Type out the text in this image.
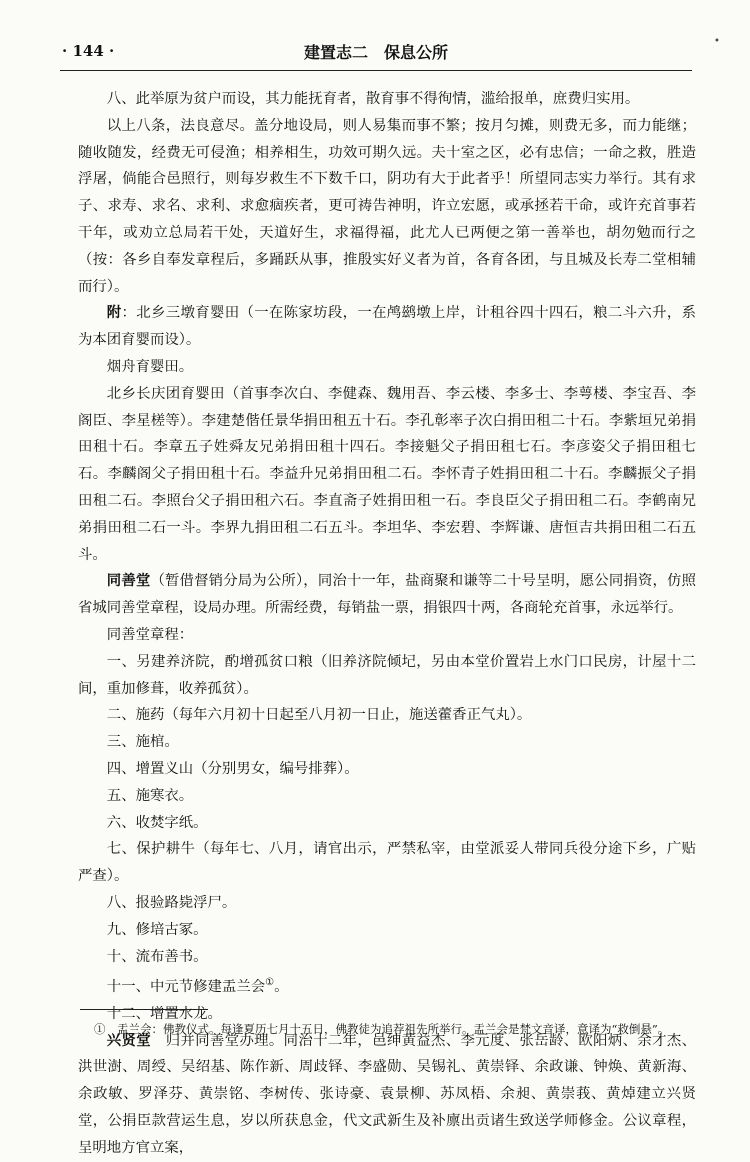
· 144 ·	建置志二　保息公所
•

八、此举原为贫户而设，其力能抚育者，散育事不得徇情，滥给报单，庶费归实用。

以上八条，法良意尽。盖分地设局，则人易集而事不繁；按月匀摊，则费无多，而力能继；随收随发，经费无可侵渔；相养相生，功效可期久远。夫十室之区，必有忠信；一命之救，胜造浮屠，倘能合邑照行，则每岁救生不下数千口，阴功有大于此者乎！所望同志实力举行。其有求子、求寿、求名、求利、求愈痼疾者，更可祷告神明，许立宏愿，或承拯若干命，或许充首事若干年，或劝立总局若干处，天道好生，求福得福，此尤人已两便之第一善举也，胡勿勉而行之（按：各乡自奉发章程后，多踊跃从事，推殷实好义者为首，各育各团，与且城及长寿二堂相辅而行）。

附：北乡三墩育婴田（一在陈家坊段，一在鸬鹚墩上岸，计租谷四十四石，粮二斗六升，系为本团育婴而设）。

烟舟育婴田。

北乡长庆团育婴田（首事李次白、李健森、魏用吾、李云楼、李多士、李萼楼、李宝吾、李阁臣、李星槎等）。李建楚偕任景华捐田租五十石。李孔彰率子次白捐田租二十石。李紫垣兄弟捐田租十石。李章五子姓舜友兄弟捐田租十四石。李接魁父子捐田租七石。李彦姿父子捐田租七石。李麟阁父子捐田租十石。李益升兄弟捐田租二石。李怀青子姓捐田租二十石。李麟振父子捐田租二石。李照台父子捐田租六石。李直斋子姓捐田租一石。李良臣父子捐田租二石。李鹤南兄弟捐田租二石一斗。李界九捐田租二石五斗。李坦华、李宏碧、李辉谦、唐恒吉共捐田租二石五斗。

同善堂（暂借督销分局为公所），同治十一年，盐商聚和谦等二十号呈明，愿公同捐资，仿照省城同善堂章程，设局办理。所需经费，每销盐一票，捐银四十两，各商轮充首事，永远举行。

同善堂章程：

一、另建养济院，酌增孤贫口粮（旧养济院倾圮，另由本堂价置岩上水门口民房，计屋十二间，重加修葺，收养孤贫）。

二、施药（每年六月初十日起至八月初一日止，施送藿香正气丸）。

三、施棺。

四、增置义山（分别男女，编号排葬）。

五、施寒衣。

六、收焚字纸。

七、保护耕牛（每年七、八月，请官出示，严禁私宰，由堂派妥人带同兵役分途下乡，广贴严查）。

八、报验路毙浮尸。

九、修培古冢。

十、流布善书。

十一、中元节修建盂兰会①。

十二、增置水龙。

兴贤堂　归并同善堂办理。同治十二年，邑绅黄益杰、李元度、张岳龄、欧阳炳、余才杰、洪世澍、周绶、吴绍基、陈作新、周歧铎、李盛勋、吴锡礼、黄崇铎、余政谦、钟焕、黄新海、余政敏、罗泽芬、黄崇铭、李树传、张诗豪、袁景柳、苏凤梧、余昶、黄崇莪、黄焯建立兴贤堂，公捐臣款营运生息，岁以所获息金，代文武新生及补廪出贡诸生致送学师修金。公议章程，呈明地方官立案，

①　盂兰会：佛教仪式。每逢夏历七月十五日，佛教徒为追荐祖先所举行。盂兰会是梵文音译，意译为“救倒悬”。
